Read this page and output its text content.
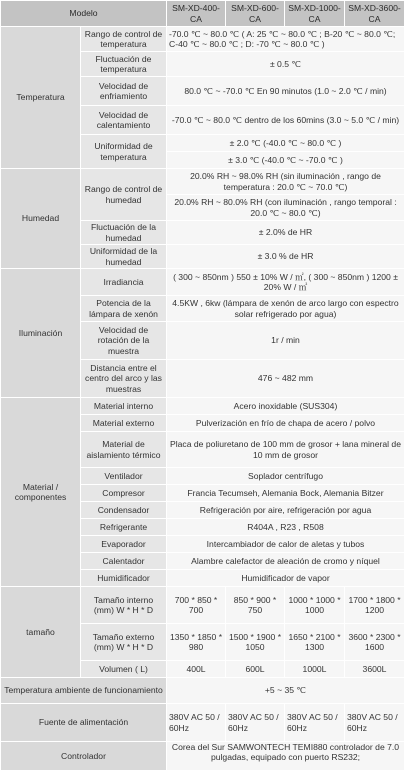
Modelo		SM-XD-400-CA	SM-XD-600-CA	SM-XD-1000-CA	SM-XD-3600-CA
Temperatura	Rango de control de temperatura	-70.0 ℃ ~ 80.0 ℃ ( A: 25 ℃ ~ 80.0 ℃ ; B-20 ℃ ~ 80.0 ℃; C-40 ℃ ~ 80.0 ℃ ; D: -70 ℃ ~ 80.0 ℃ )			
	Fluctuación de temperatura	± 0.5 ℃			
	Velocidad de enfriamiento	80.0 ℃ ~ -70.0 ℃ En 90 minutos (1.0 ~ 2.0 ℃ / min)			
	Velocidad de calentamiento	-70.0 ℃ ~ 80.0 ℃ dentro de los 60mins (3.0 ~ 5.0 ℃ / min)			
	Uniformidad de temperatura	± 2.0 ℃ (-40.0 ℃ ~ 80.0 ℃ )			
		± 3.0 ℃ (-40.0 ℃ ~ -70.0 ℃ )			
Humedad	Rango de control de humedad	20.0% RH ~ 98.0% RH (sin iluminación , rango de temperatura : 20.0 ℃ ~ 70.0 ℃)			
		20.0% RH ~ 80.0% RH (con iluminación , rango temporal : 20.0 ℃ ~ 80.0 ℃)			
	Fluctuación de la humedad	± 2.0% de HR			
	Uniformidad de la humedad	± 3.0 % de HR			
Iluminación	Irradiancia	( 300 ~ 850nm ) 550 ± 10% W / ㎡, ( 300 ~ 850nm ) 1200 ± 20% W / ㎡			
	Potencia de la lámpara de xenón	4.5KW , 6kw (lámpara de xenón de arco largo con espectro solar refrigerado por agua)			
	Velocidad de rotación de la muestra	1r / min			
	Distancia entre el centro del arco y las muestras	476 ~ 482 mm			
Material / componentes	Material interno	Acero inoxidable (SUS304)			
	Material externo	Pulverización en frío de chapa de acero / polvo			
	Material de aislamiento térmico	Placa de poliuretano de 100 mm de grosor + lana mineral de 10 mm de grosor			
	Ventilador	Soplador centrífugo			
	Compresor	Francia Tecumseh, Alemania Bock, Alemania Bitzer			
	Condensador	Refrigeración por aire, refrigeración por agua			
	Refrigerante	R404A , R23 , R508			
	Evaporador	Intercambiador de calor de aletas y tubos			
	Calentador	Alambre calefactor de aleación de cromo y níquel			
	Humidificador	Humidificador de vapor			
tamaño	Tamaño interno (mm) W * H * D	700 * 850 * 700	850 * 900 * 750	1000 * 1000 * 1000	1700 * 1800 * 1200
	Tamaño externo (mm) W * H * D	1350 * 1850 * 980	1500 * 1900 * 1050	1650 * 2100 * 1300	3600 * 2300 * 1600
	Volumen ( L)	400L	600L	1000L	3600L
Temperatura ambiente de funcionamiento		+5 ~ 35 ℃			
Fuente de alimentación		380V AC 50 / 60Hz	380V AC 50 / 60Hz	380V AC 50 / 60Hz	380V AC 50 / 60Hz
Controlador		Corea del Sur SAMWONTECH TEMI880 controlador de 7.0 pulgadas, equipado con puerto RS232;			
